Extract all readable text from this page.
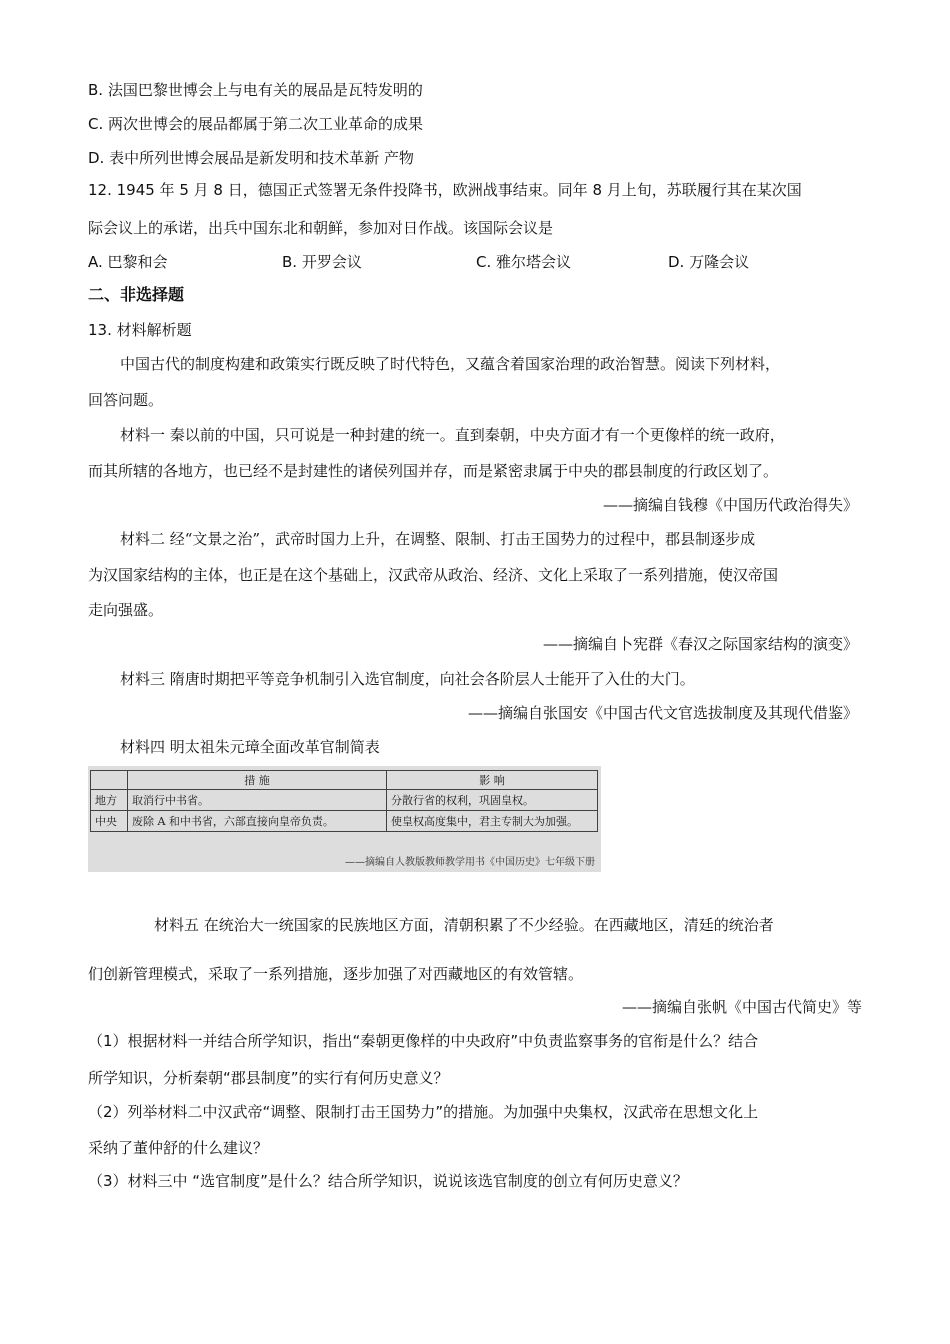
B. 法国巴黎世博会上与电有关的展品是瓦特发明的
C. 两次世博会的展品都属于第二次工业革命的成果
D. 表中所列世博会展品是新发明和技术革新 产物
12. 1945 年 5 月 8 日，德国正式签署无条件投降书，欧洲战事结束。同年 8 月上旬，苏联履行其在某次国
际会议上的承诺，出兵中国东北和朝鲜，参加对日作战。该国际会议是
A. 巴黎和会	B. 开罗会议	C. 雅尔塔会议	D. 万隆会议
二、非选择题
13. 材料解析题
中国古代的制度构建和政策实行既反映了时代特色，又蕴含着国家治理的政治智慧。阅读下列材料，
回答问题。
材料一 秦以前的中国，只可说是一种封建的统一。直到秦朝，中央方面才有一个更像样的统一政府，
而其所辖的各地方，也已经不是封建性的诸侯列国并存，而是紧密隶属于中央的郡县制度的行政区划了。
——摘编自钱穆《中国历代政治得失》
材料二 经“文景之治”，武帝时国力上升，在调整、限制、打击王国势力的过程中，郡县制逐步成
为汉国家结构的主体，也正是在这个基础上，汉武帝从政治、经济、文化上采取了一系列措施，使汉帝国
走向强盛。
——摘编自卜宪群《春汉之际国家结构的演变》
材料三 隋唐时期把平等竞争机制引入选官制度，向社会各阶层人士能开了入仕的大门。
——摘编自张国安《中国古代文官选拔制度及其现代借鉴》
材料四 明太祖朱元璋全面改革官制简表
	措 施	影 响
地方	取消行中书省。	分散行省的权利，巩固皇权。
中央	废除 A 和中书省，六部直接向皇帝负责。	使皇权高度集中，君主专制大为加强。
——摘编自人教版教师教学用书《中国历史》七年级下册
材料五 在统治大一统国家的民族地区方面，清朝积累了不少经验。在西藏地区，清廷的统治者
们创新管理模式，采取了一系列措施，逐步加强了对西藏地区的有效管辖。
——摘编自张帆《中国古代简史》等
（1）根据材料一并结合所学知识，指出“秦朝更像样的中央政府”中负责监察事务的官衔是什么？结合
所学知识，分析秦朝“郡县制度”的实行有何历史意义？
（2）列举材料二中汉武帝“调整、限制打击王国势力”的措施。为加强中央集权，汉武帝在思想文化上
采纳了董仲舒的什么建议？
（3）材料三中 “选官制度”是什么？结合所学知识，说说该选官制度的创立有何历史意义？
